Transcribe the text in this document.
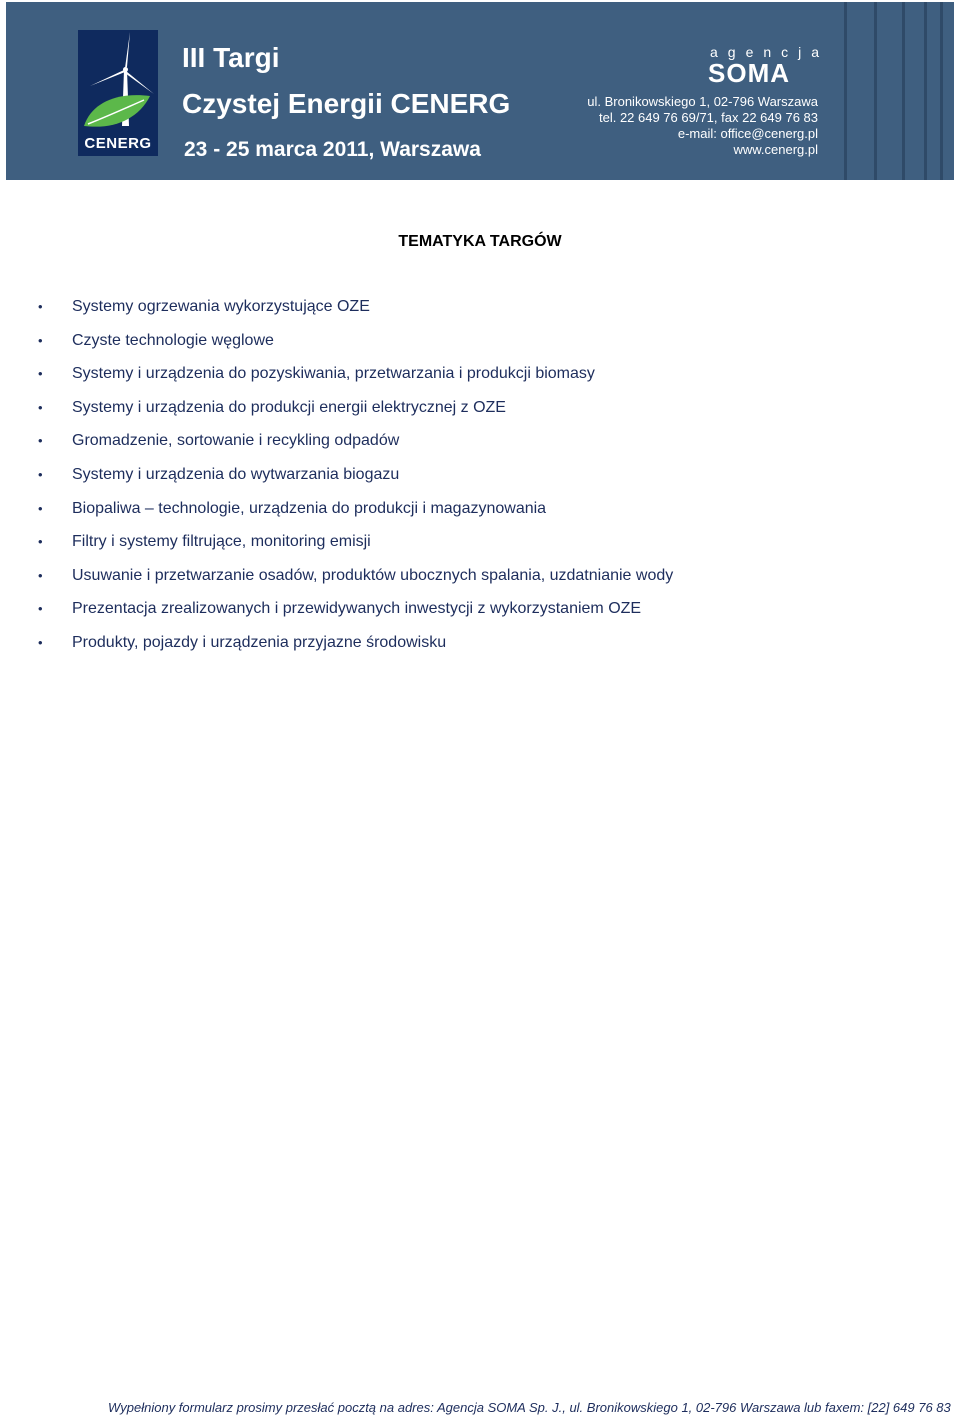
CENERG
III Targi
Czystej Energii CENERG
23 - 25 marca 2011, Warszawa
agencja
SOMA
ul. Bronikowskiego 1, 02-796 Warszawa
tel. 22 649 76 69/71, fax 22 649 76 83
e-mail: office@cenerg.pl
www.cenerg.pl
TEMATYKA TARGÓW
• Systemy ogrzewania wykorzystujące OZE
• Czyste technologie węglowe
• Systemy i urządzenia do pozyskiwania, przetwarzania i produkcji biomasy
• Systemy i urządzenia do produkcji energii elektrycznej z OZE
• Gromadzenie, sortowanie i recykling odpadów
• Systemy i urządzenia do wytwarzania biogazu
• Biopaliwa – technologie, urządzenia do produkcji i magazynowania
• Filtry i systemy filtrujące, monitoring emisji
• Usuwanie i przetwarzanie osadów, produktów ubocznych spalania, uzdatnianie wody
• Prezentacja zrealizowanych i przewidywanych inwestycji z wykorzystaniem OZE
• Produkty, pojazdy i urządzenia przyjazne środowisku
Wypełniony formularz prosimy przesłać pocztą na adres: Agencja SOMA Sp. J., ul. Bronikowskiego 1, 02-796 Warszawa lub faxem: [22] 649 76 83
